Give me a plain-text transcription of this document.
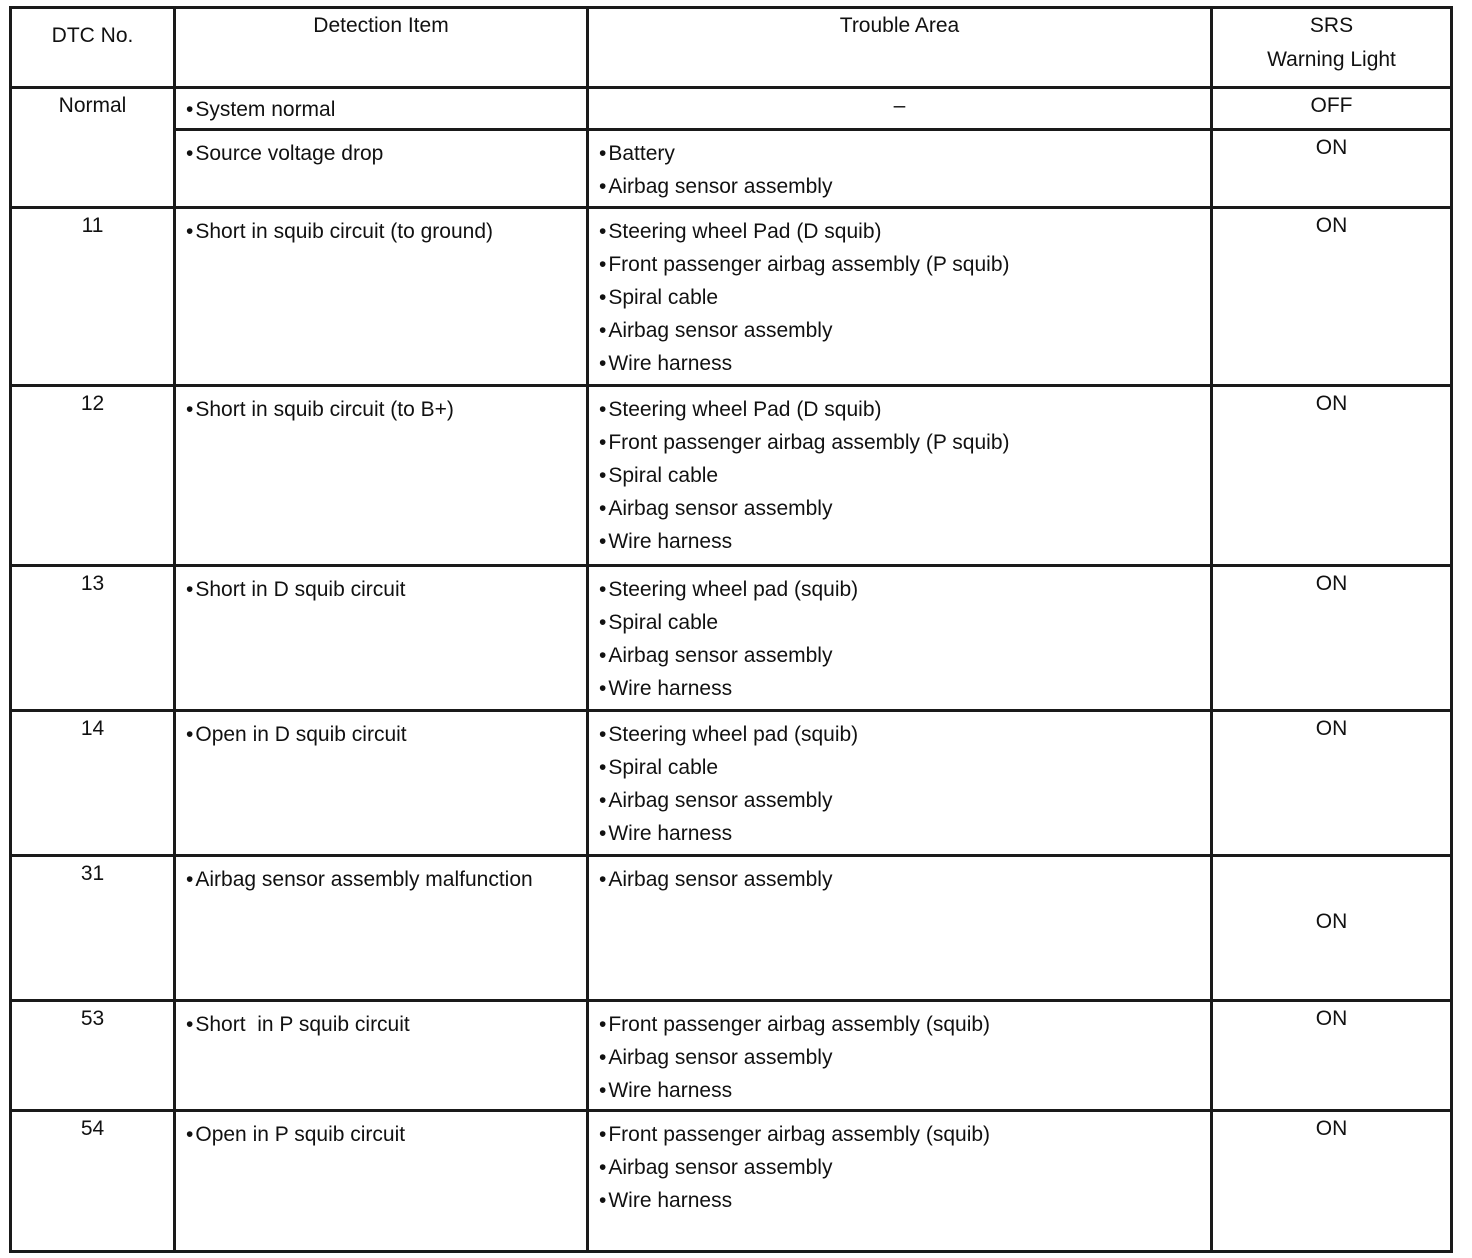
DTC No.	Detection Item	Trouble Area	SRS
Warning Light

Normal	• System normal	–	OFF

	• Source voltage drop	• Battery
• Airbag sensor assembly	ON
11	• Short in squib circuit (to ground)	• Steering wheel Pad (D squib)
• Front passenger airbag assembly (P squib)
• Spiral cable
• Airbag sensor assembly
• Wire harness	ON
12	• Short in squib circuit (to B+)	• Steering wheel Pad (D squib)
• Front passenger airbag assembly (P squib)
• Spiral cable
• Airbag sensor assembly
• Wire harness	ON
13	• Short in D squib circuit	• Steering wheel pad (squib)
• Spiral cable
• Airbag sensor assembly
• Wire harness	ON
14	• Open in D squib circuit	• Steering wheel pad (squib)
• Spiral cable
• Airbag sensor assembly
• Wire harness	ON
31	• Airbag sensor assembly malfunction	• Airbag sensor assembly	ON
53	• Short  in P squib circuit	• Front passenger airbag assembly (squib)
• Airbag sensor assembly
• Wire harness	ON
54	• Open in P squib circuit	• Front passenger airbag assembly (squib)
• Airbag sensor assembly
• Wire harness	ON
